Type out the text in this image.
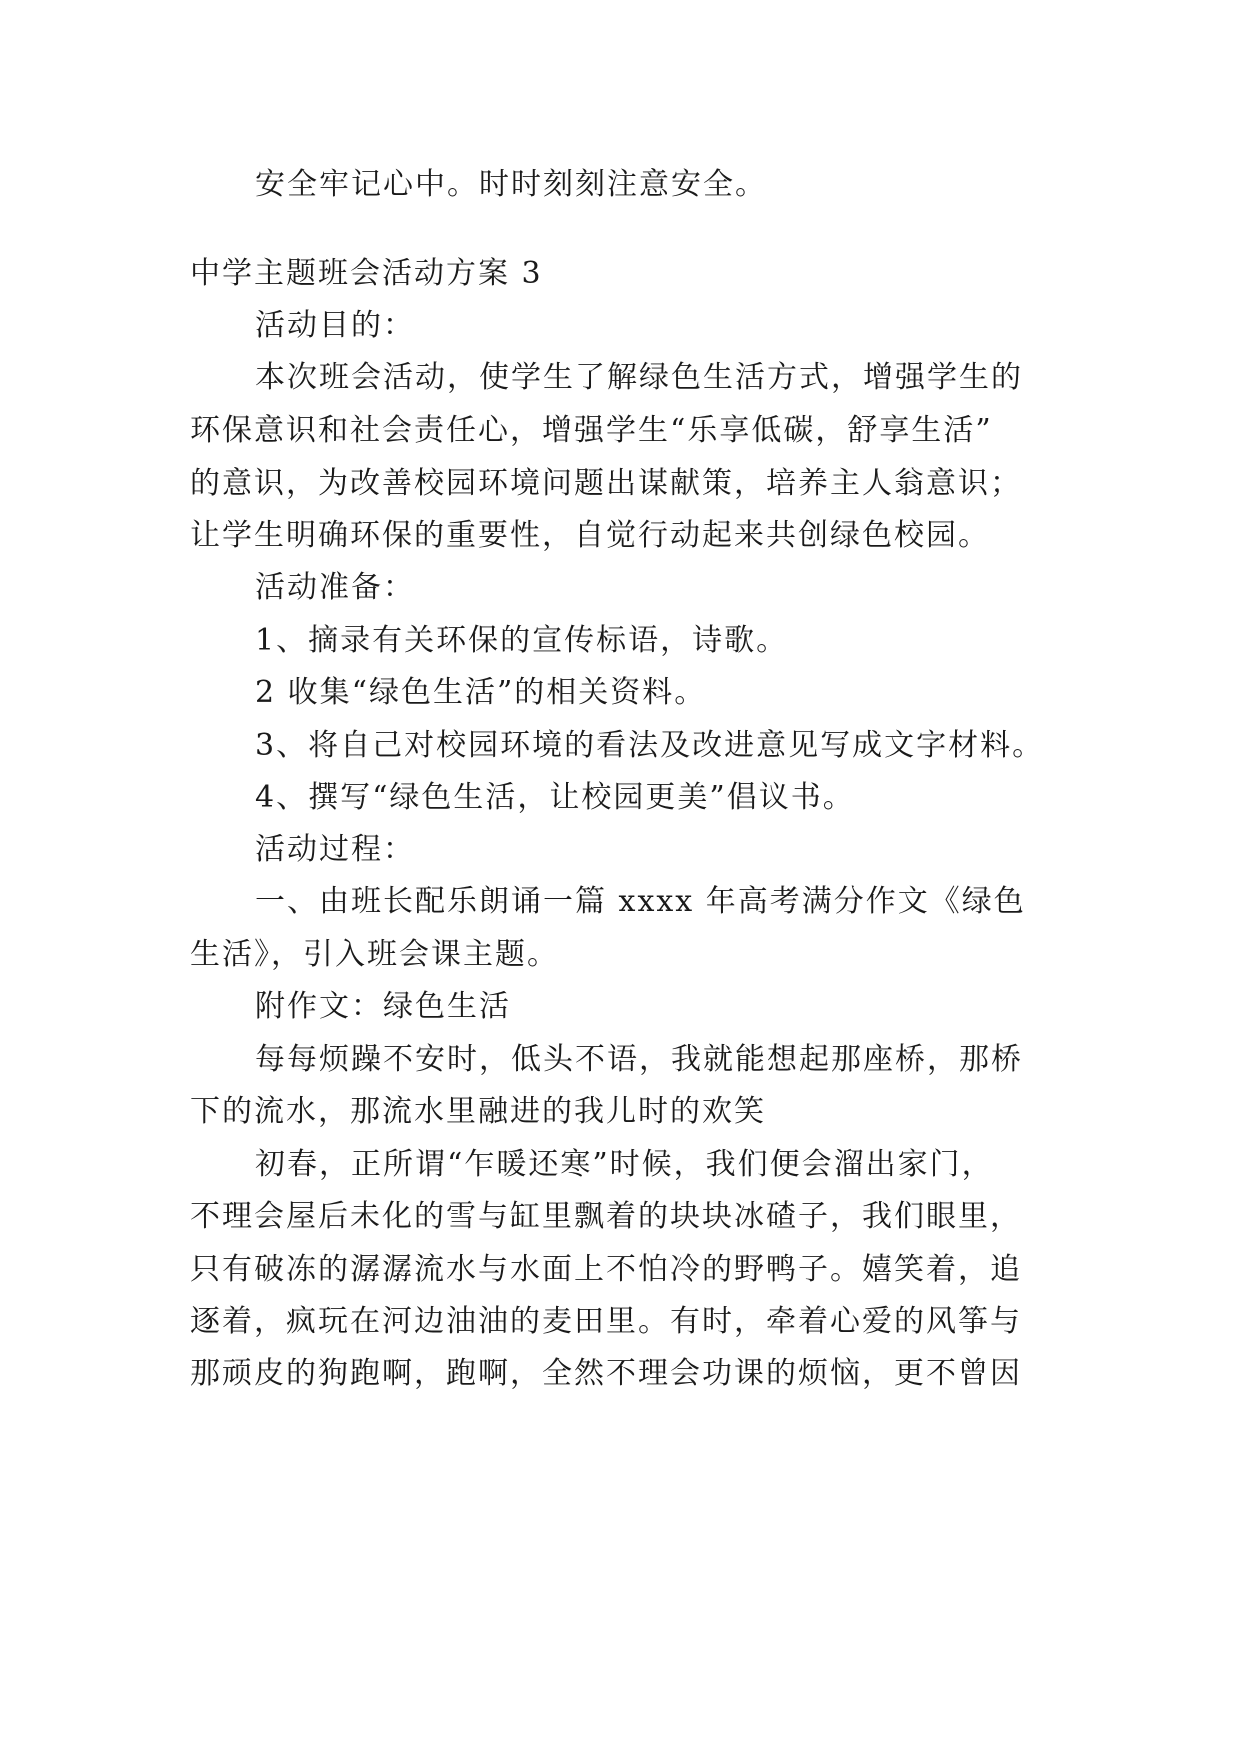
安全牢记心中。时时刻刻注意安全。
中学主题班会活动方案 3
活动目的：
本次班会活动，使学生了解绿色生活方式，增强学生的
环保意识和社会责任心，增强学生“乐享低碳，舒享生活”
的意识，为改善校园环境问题出谋献策，培养主人翁意识；
让学生明确环保的重要性，自觉行动起来共创绿色校园。
活动准备：
1、摘录有关环保的宣传标语，诗歌。
2 收集“绿色生活”的相关资料。
3、将自己对校园环境的看法及改进意见写成文字材料。
4、撰写“绿色生活，让校园更美”倡议书。
活动过程：
一、由班长配乐朗诵一篇 xxxx 年高考满分作文《绿色
生活》，引入班会课主题。
附作文：绿色生活
每每烦躁不安时，低头不语，我就能想起那座桥，那桥
下的流水，那流水里融进的我儿时的欢笑
初春，正所谓“乍暖还寒”时候，我们便会溜出家门，
不理会屋后未化的雪与缸里飘着的块块冰碴子，我们眼里，
只有破冻的潺潺流水与水面上不怕冷的野鸭子。嬉笑着，追
逐着，疯玩在河边油油的麦田里。有时，牵着心爱的风筝与
那顽皮的狗跑啊，跑啊，全然不理会功课的烦恼，更不曾因
